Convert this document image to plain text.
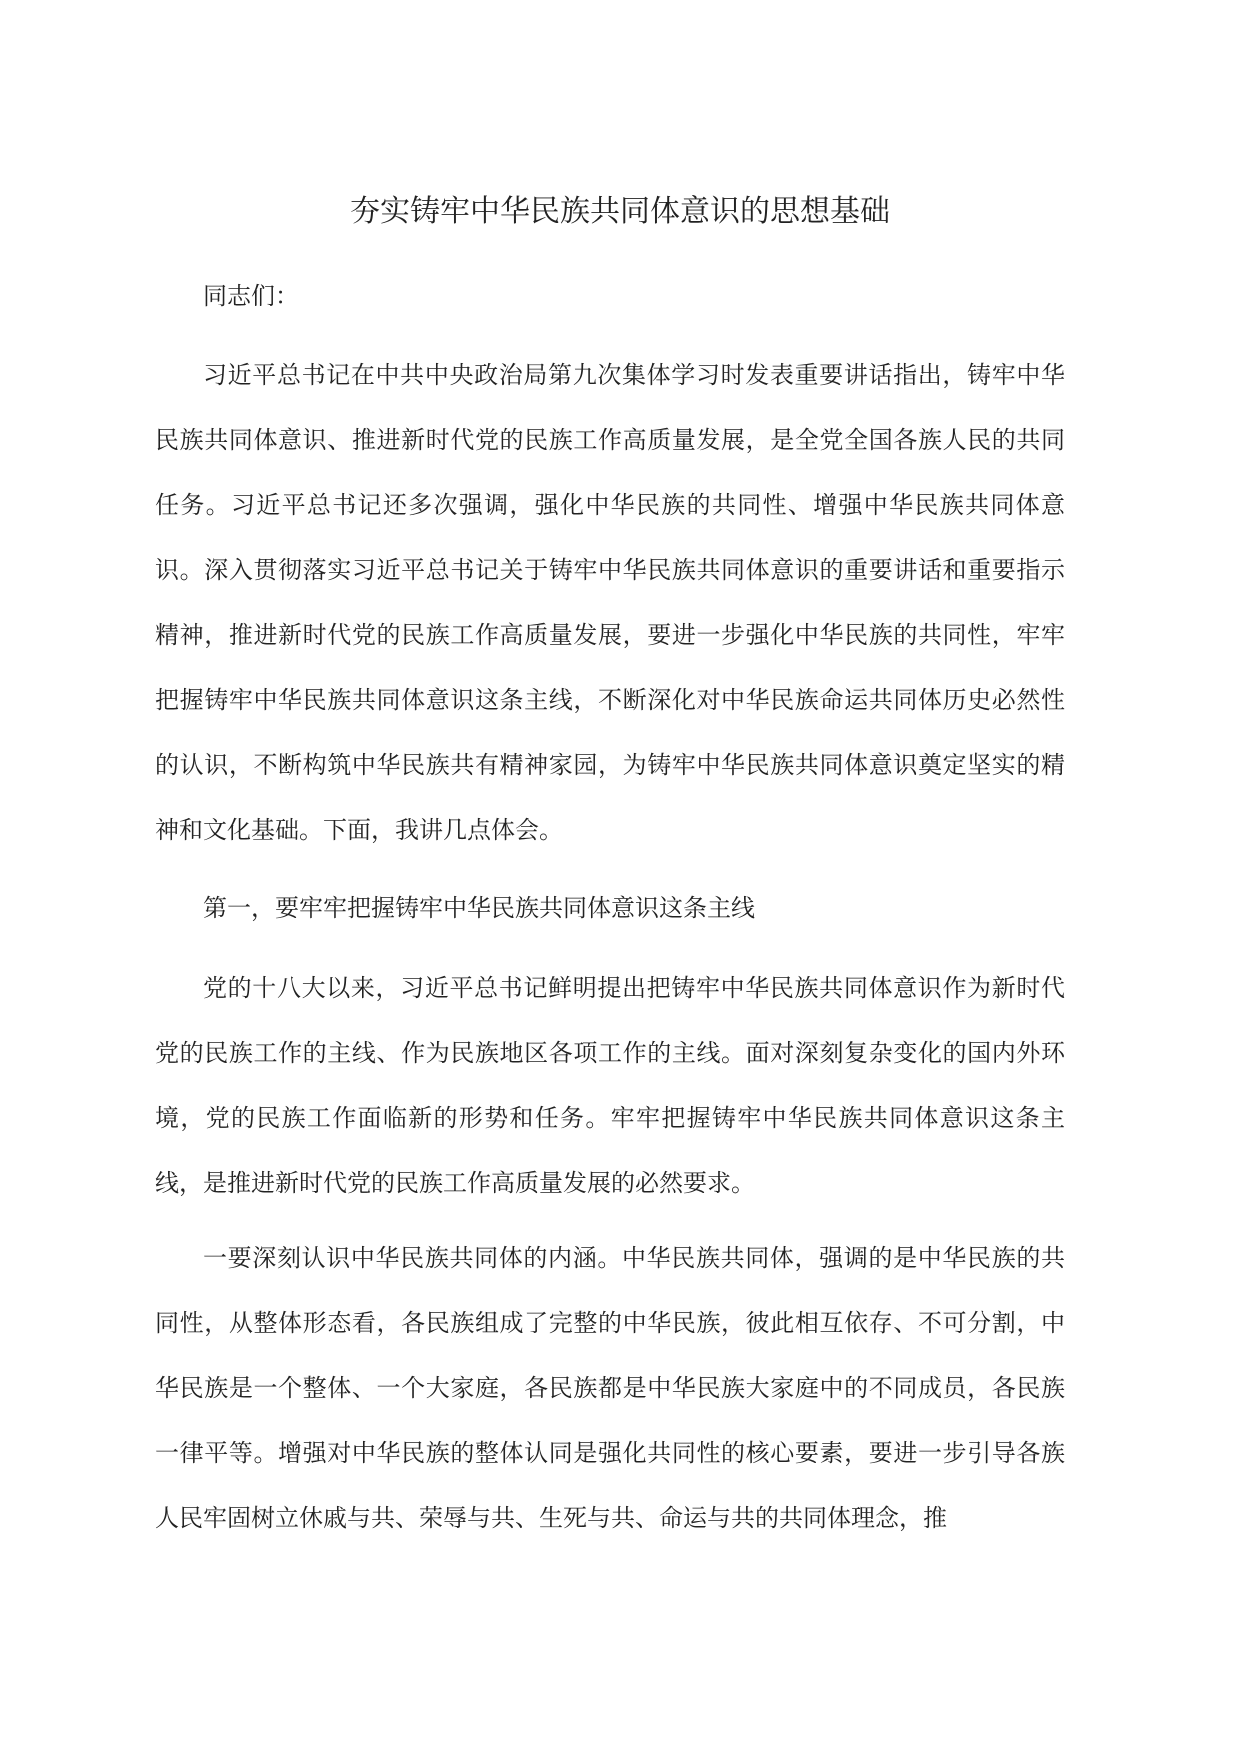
夯实铸牢中华民族共同体意识的思想基础

同志们：

习近平总书记在中共中央政治局第九次集体学习时发表重要讲话指出，铸牢中华民族共同体意识、推进新时代党的民族工作高质量发展，是全党全国各族人民的共同任务。习近平总书记还多次强调，强化中华民族的共同性、增强中华民族共同体意识。深入贯彻落实习近平总书记关于铸牢中华民族共同体意识的重要讲话和重要指示精神，推进新时代党的民族工作高质量发展，要进一步强化中华民族的共同性，牢牢把握铸牢中华民族共同体意识这条主线，不断深化对中华民族命运共同体历史必然性的认识，不断构筑中华民族共有精神家园，为铸牢中华民族共同体意识奠定坚实的精神和文化基础。下面，我讲几点体会。

第一，要牢牢把握铸牢中华民族共同体意识这条主线

党的十八大以来，习近平总书记鲜明提出把铸牢中华民族共同体意识作为新时代党的民族工作的主线、作为民族地区各项工作的主线。面对深刻复杂变化的国内外环境，党的民族工作面临新的形势和任务。牢牢把握铸牢中华民族共同体意识这条主线，是推进新时代党的民族工作高质量发展的必然要求。

一要深刻认识中华民族共同体的内涵。中华民族共同体，强调的是中华民族的共同性，从整体形态看，各民族组成了完整的中华民族，彼此相互依存、不可分割，中华民族是一个整体、一个大家庭，各民族都是中华民族大家庭中的不同成员，各民族一律平等。增强对中华民族的整体认同是强化共同性的核心要素，要进一步引导各族人民牢固树立休戚与共、荣辱与共、生死与共、命运与共的共同体理念，推
